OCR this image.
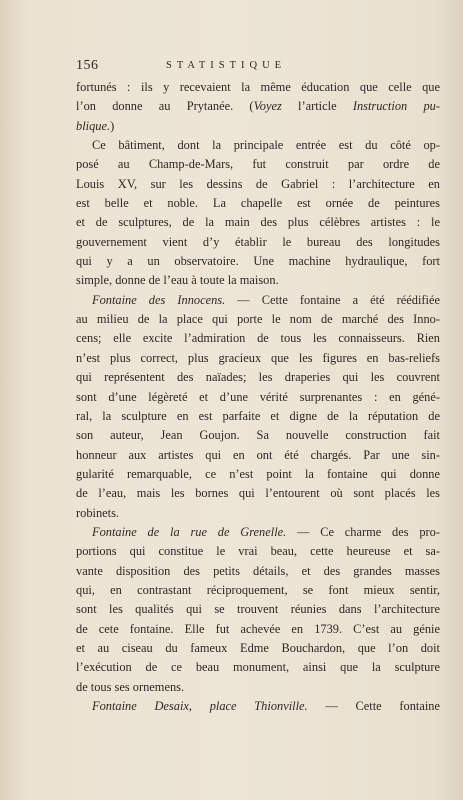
156	STATISTIQUE
fortunés : ils y recevaient la même éducation que celle que
l’on donne au Prytanée. (Voyez l’article Instruction pu-
blique.)
Ce bâtiment, dont la principale entrée est du côté op-
posé au Champ-de-Mars, fut construit par ordre de
Louis XV, sur les dessins de Gabriel : l’architecture en
est belle et noble. La chapelle est ornée de peintures
et de sculptures, de la main des plus célèbres artistes : le
gouvernement vient d’y établir le bureau des longitudes
qui y a un observatoire. Une machine hydraulique, fort
simple, donne de l’eau à toute la maison.
Fontaine des Innocens. — Cette fontaine a été réédifiée
au milieu de la place qui porte le nom de marché des Inno-
cens; elle excite l’admiration de tous les connaisseurs. Rien
n’est plus correct, plus gracieux que les figures en bas-reliefs
qui représentent des naïades; les draperies qui les couvrent
sont d’une légèreté et d’une vérité surprenantes : en géné-
ral, la sculpture en est parfaite et digne de la réputation de
son auteur, Jean Goujon. Sa nouvelle construction fait
honneur aux artistes qui en ont été chargés. Par une sin-
gularité remarquable, ce n’est point la fontaine qui donne
de l’eau, mais les bornes qui l’entourent où sont placés les
robinets.
Fontaine de la rue de Grenelle. — Ce charme des pro-
portions qui constitue le vrai beau, cette heureuse et sa-
vante disposition des petits détails, et des grandes masses
qui, en contrastant réciproquement, se font mieux sentir,
sont les qualités qui se trouvent réunies dans l’architecture
de cete fontaine. Elle fut achevée en 1739. C’est au génie
et au ciseau du fameux Edme Bouchardon, que l’on doit
l’exécution de ce beau monument, ainsi que la sculpture
de tous ses ornemens.
Fontaine Desaix, place Thionville. — Cette fontaine
